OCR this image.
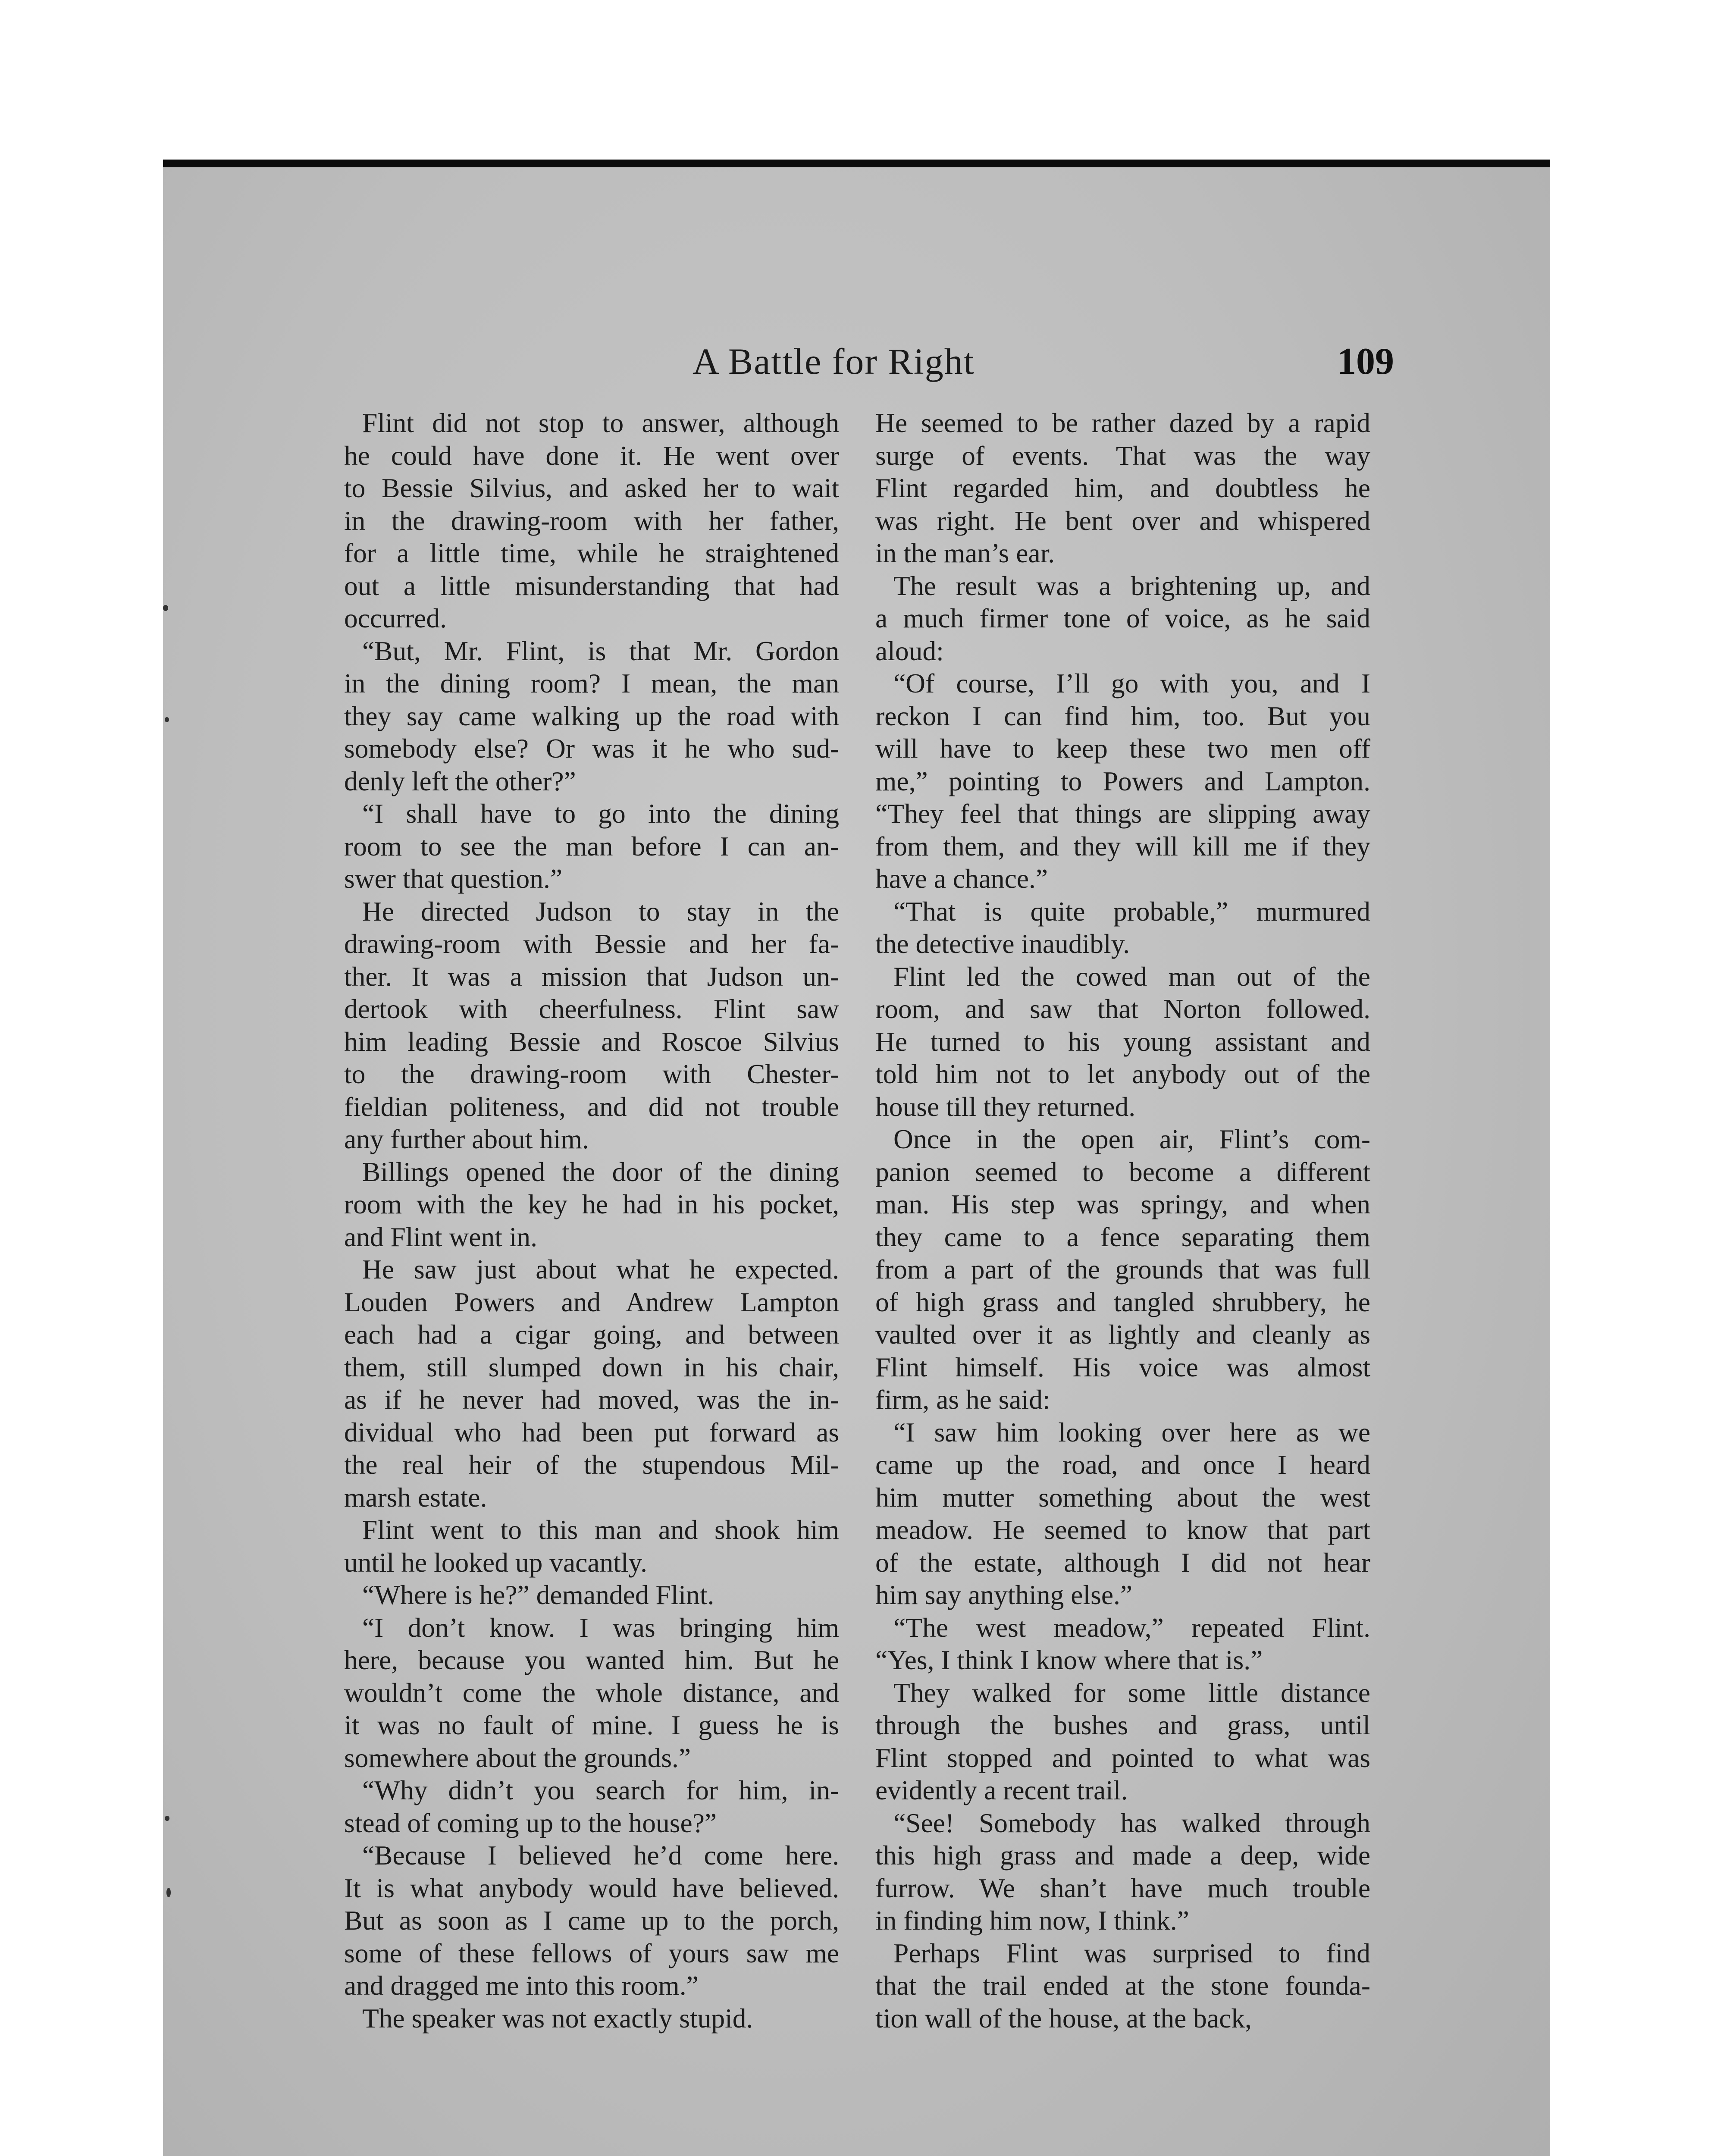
A Battle for Right	109

Flint did not stop to answer, although

he could have done it. He went over

to Bessie Silvius, and asked her to wait

in the drawing-room with her father,

for a little time, while he straightened

out a little misunderstanding that had

occurred.

“But, Mr. Flint, is that Mr. Gordon

in the dining room? I mean, the man

they say came walking up the road with

somebody else? Or was it he who sud-

denly left the other?”

“I shall have to go into the dining

room to see the man before I can an-

swer that question.”

He directed Judson to stay in the

drawing-room with Bessie and her fa-

ther. It was a mission that Judson un-

dertook with cheerfulness. Flint saw

him leading Bessie and Roscoe Silvius

to the drawing-room with Chester-

fieldian politeness, and did not trouble

any further about him.

Billings opened the door of the dining

room with the key he had in his pocket,

and Flint went in.

He saw just about what he expected.

Louden Powers and Andrew Lampton

each had a cigar going, and between

them, still slumped down in his chair,

as if he never had moved, was the in-

dividual who had been put forward as

the real heir of the stupendous Mil-

marsh estate.

Flint went to this man and shook him

until he looked up vacantly.

“Where is he?” demanded Flint.

“I don’t know. I was bringing him

here, because you wanted him. But he

wouldn’t come the whole distance, and

it was no fault of mine. I guess he is

somewhere about the grounds.”

“Why didn’t you search for him, in-

stead of coming up to the house?”

“Because I believed he’d come here.

It is what anybody would have believed.

But as soon as I came up to the porch,

some of these fellows of yours saw me

and dragged me into this room.”

The speaker was not exactly stupid.

He seemed to be rather dazed by a rapid

surge of events. That was the way

Flint regarded him, and doubtless he

was right. He bent over and whispered

in the man’s ear.

The result was a brightening up, and

a much firmer tone of voice, as he said

aloud:

“Of course, I’ll go with you, and I

reckon I can find him, too. But you

will have to keep these two men off

me,” pointing to Powers and Lampton.

“They feel that things are slipping away

from them, and they will kill me if they

have a chance.”

“That is quite probable,” murmured

the detective inaudibly.

Flint led the cowed man out of the

room, and saw that Norton followed.

He turned to his young assistant and

told him not to let anybody out of the

house till they returned.

Once in the open air, Flint’s com-

panion seemed to become a different

man. His step was springy, and when

they came to a fence separating them

from a part of the grounds that was full

of high grass and tangled shrubbery, he

vaulted over it as lightly and cleanly as

Flint himself. His voice was almost

firm, as he said:

“I saw him looking over here as we

came up the road, and once I heard

him mutter something about the west

meadow. He seemed to know that part

of the estate, although I did not hear

him say anything else.”

“The west meadow,” repeated Flint.

“Yes, I think I know where that is.”

They walked for some little distance

through the bushes and grass, until

Flint stopped and pointed to what was

evidently a recent trail.

“See! Somebody has walked through

this high grass and made a deep, wide

furrow. We shan’t have much trouble

in finding him now, I think.”

Perhaps Flint was surprised to find

that the trail ended at the stone founda-

tion wall of the house, at the back,
